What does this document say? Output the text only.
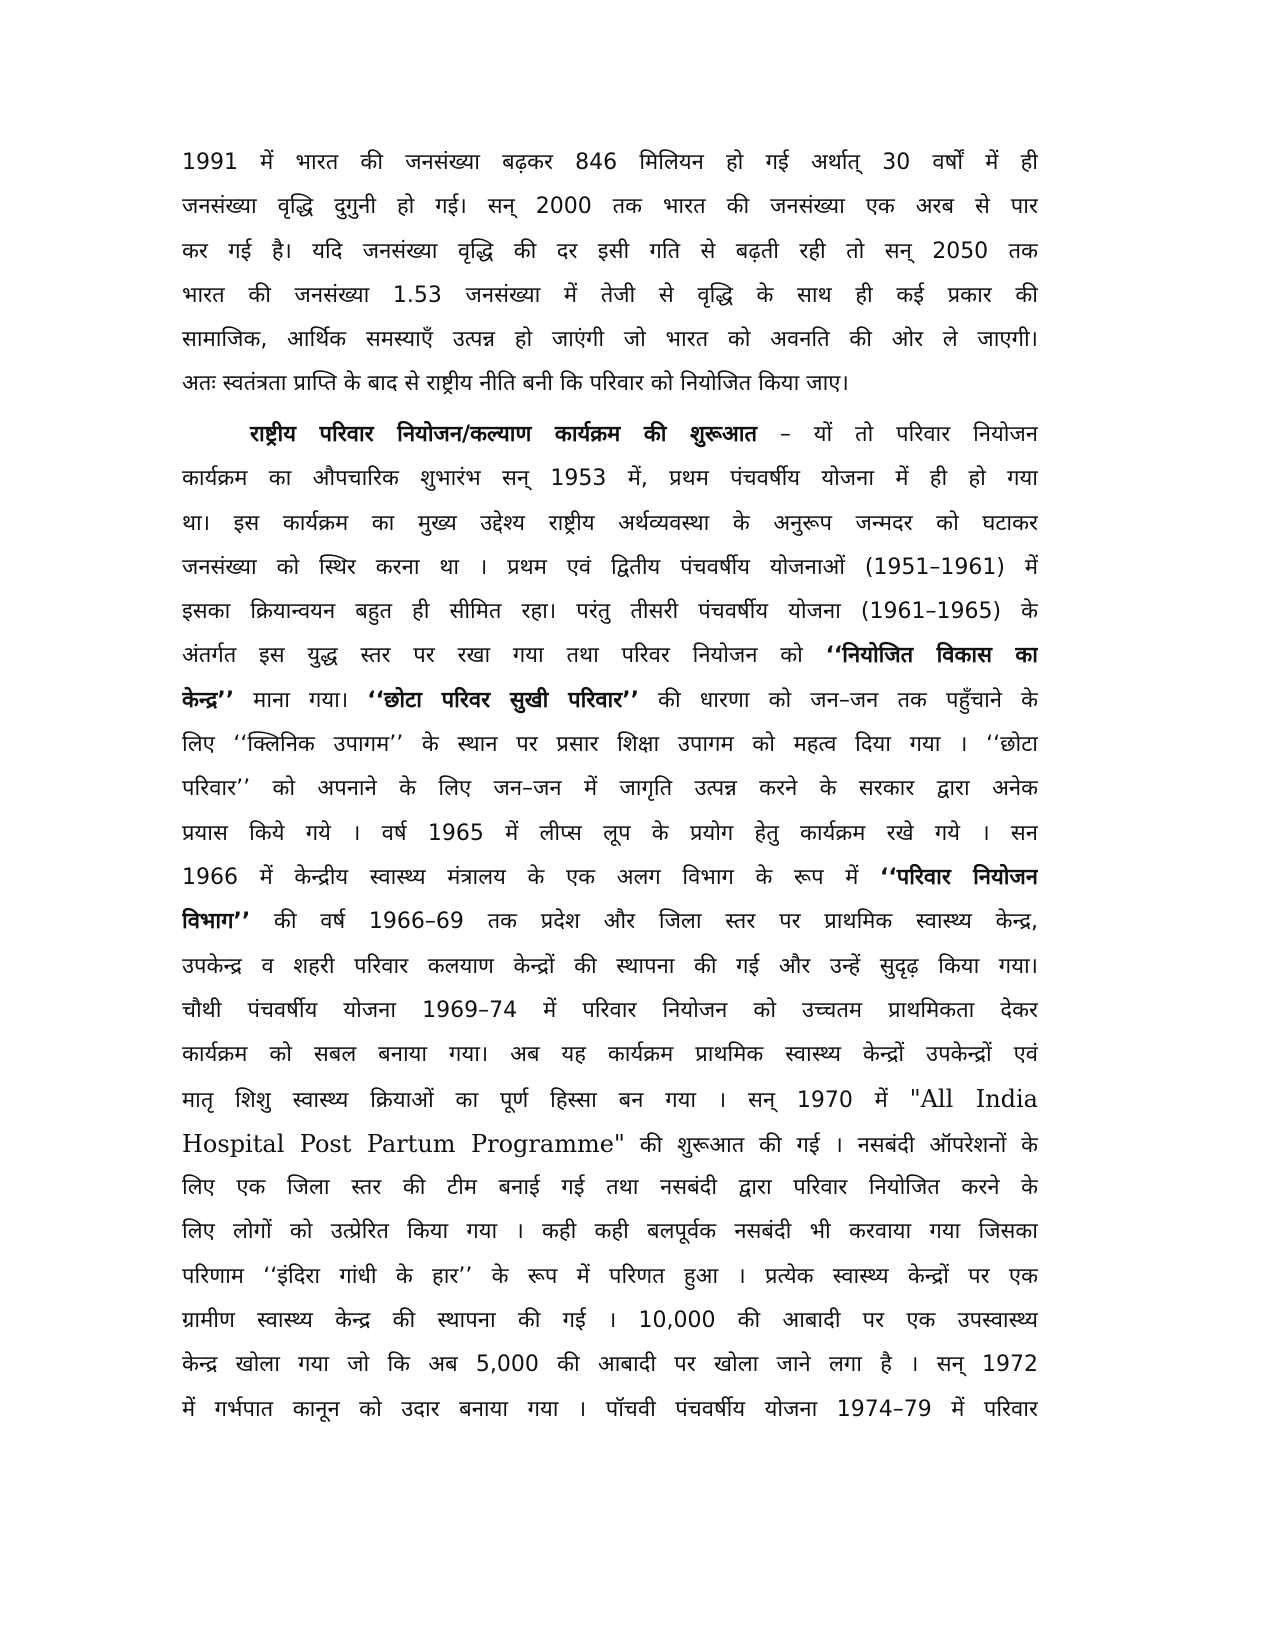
1991 में भारत की जनसंख्या बढ़कर 846 मिलियन हो गई अर्थात् 30 वर्षों में ही
जनसंख्या वृद्धि दुगुनी हो गई। सन् 2000 तक भारत की जनसंख्या एक अरब से पार
कर गई है। यदि जनसंख्या वृद्धि की दर इसी गति से बढ़ती रही तो सन् 2050 तक
भारत की जनसंख्या 1.53 जनसंख्या में तेजी से वृद्धि के साथ ही कई प्रकार की
सामाजिक, आर्थिक समस्याएँ उत्पन्न हो जाएंगी जो भारत को अवनति की ओर ले जाएगी।
अतः स्वतंत्रता प्राप्ति के बाद से राष्ट्रीय नीति बनी कि परिवार को नियोजित किया जाए।
राष्ट्रीय परिवार नियोजन/कल्याण कार्यक्रम की शुरूआत – यों तो परिवार नियोजन
कार्यक्रम का औपचारिक शुभारंभ सन् 1953 में, प्रथम पंचवर्षीय योजना में ही हो गया
था। इस कार्यक्रम का मुख्य उद्देश्य राष्ट्रीय अर्थव्यवस्था के अनुरूप जन्मदर को घटाकर
जनसंख्या को स्थिर करना था । प्रथम एवं द्वितीय पंचवर्षीय योजनाओं (1951–1961) में
इसका क्रियान्वयन बहुत ही सीमित रहा। परंतु तीसरी पंचवर्षीय योजना (1961–1965) के
अंतर्गत इस युद्ध स्तर पर रखा गया तथा परिवर नियोजन को ‘‘नियोजित विकास का
केन्द्र’’ माना गया। ‘‘छोटा परिवर सुखी परिवार’’ की धारणा को जन–जन तक पहुँचाने के
लिए ‘‘क्लिनिक उपागम’’ के स्थान पर प्रसार शिक्षा उपागम को महत्व दिया गया । ‘‘छोटा
परिवार’’ को अपनाने के लिए जन–जन में जागृति उत्पन्न करने के सरकार द्वारा अनेक
प्रयास किये गये । वर्ष 1965 में लीप्स लूप के प्रयोग हेतु कार्यक्रम रखे गये । सन
1966 में केन्द्रीय स्वास्थ्य मंत्रालय के एक अलग विभाग के रूप में ‘‘परिवार नियोजन
विभाग’’ की वर्ष 1966–69 तक प्रदेश और जिला स्तर पर प्राथमिक स्वास्थ्य केन्द्र,
उपकेन्द्र व शहरी परिवार कलयाण केन्द्रों की स्थापना की गई और उन्हें सुदृढ़ किया गया।
चौथी पंचवर्षीय योजना 1969–74 में परिवार नियोजन को उच्चतम प्राथमिकता देकर
कार्यक्रम को सबल बनाया गया। अब यह कार्यक्रम प्राथमिक स्वास्थ्य केन्द्रों उपकेन्द्रों एवं
मातृ शिशु स्वास्थ्य क्रियाओं का पूर्ण हिस्सा बन गया । सन् 1970 में "All India
Hospital Post Partum Programme" की शुरूआत की गई । नसबंदी ऑपरेशनों के
लिए एक जिला स्तर की टीम बनाई गई तथा नसबंदी द्वारा परिवार नियोजित करने के
लिए लोगों को उत्प्रेरित किया गया । कही कही बलपूर्वक नसबंदी भी करवाया गया जिसका
परिणाम ‘‘इंदिरा गांधी के हार’’ के रूप में परिणत हुआ । प्रत्येक स्वास्थ्य केन्द्रों पर एक
ग्रामीण स्वास्थ्य केन्द्र की स्थापना की गई । 10,000 की आबादी पर एक उपस्वास्थ्य
केन्द्र खोला गया जो कि अब 5,000 की आबादी पर खोला जाने लगा है । सन् 1972
में गर्भपात कानून को उदार बनाया गया । पॉचवी पंचवर्षीय योजना 1974–79 में परिवार
